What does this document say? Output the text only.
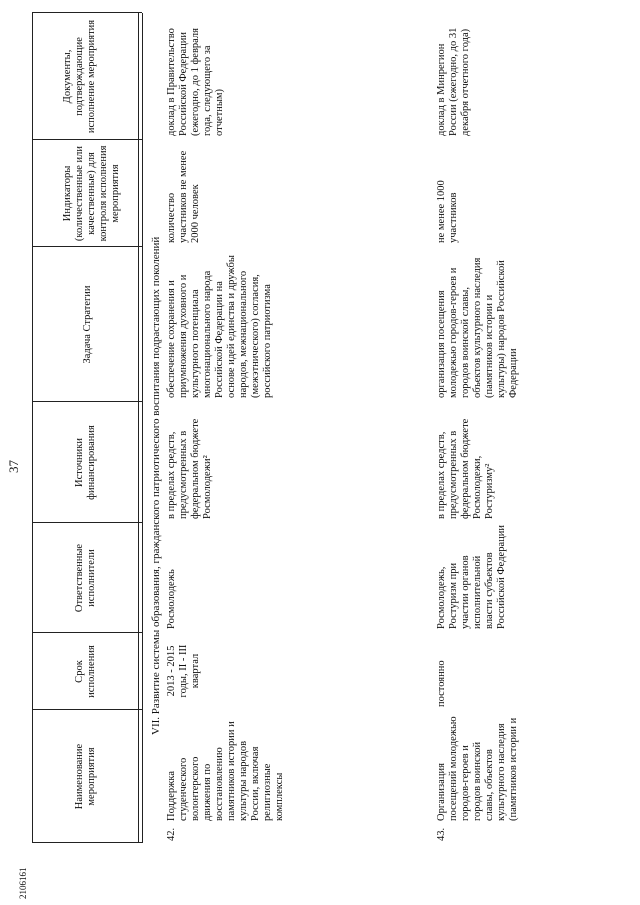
37
Наименование мероприятия
Срок исполнения
Ответственные исполнители
Источники финансирования
Задача Стратегии
Индикаторы (количественные или качественные) для контроля исполнения мероприятия
Документы, подтверждающие исполнение мероприятия
VII. Развитие системы образования, гражданского патриотического воспитания подрастающих поколений
42.
Поддержка студенческого волонтерского движения по восстановлению памятников истории и культуры народов России, включая религиозные комплексы
2013 - 2015 годы, II - III квартал
Росмолодежь
в пределах средств, предусмотренных в федеральном бюджете Росмолодежи²
обеспечение сохранения и приумножения духовного и культурного потенциала многонационального народа Российской Федерации на основе идей единства и дружбы народов, межнационального (межэтнического) согласия, российского патриотизма
количество участников не менее 2000 человек
доклад в Правительство Российской Федерации (ежегодно, до 1 февраля года, следующего за отчетным)
43.
Организация посещений молодежью городов-героев и городов воинской славы, объектов культурного наследия (памятников истории и
постоянно
Росмолодежь, Ростуризм при участии органов исполнительной власти субъектов Российской Федерации
в пределах средств, предусмотренных в федеральном бюджете Росмолодежи, Ростуризму²
организация посещения молодежью городов-героев и городов воинской славы, объектов культурного наследия (памятников истории и культуры) народов Российской Федерации
не менее 1000 участников
доклад в Минрегион России (ежегодно, до 31 декабря отчетного года)
2106161
